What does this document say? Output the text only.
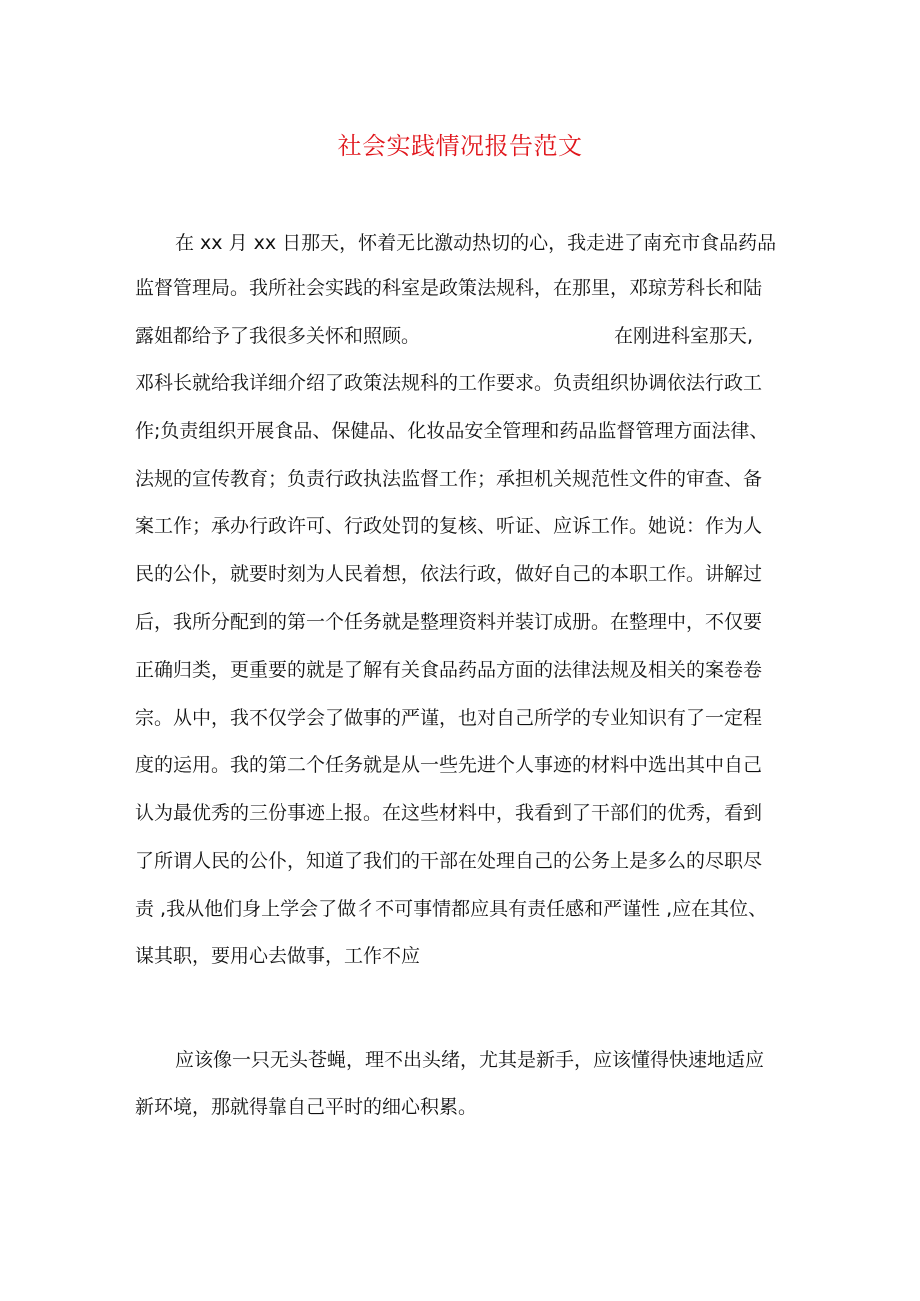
社会实践情况报告范文
在 xx 月 xx 日那天，怀着无比激动热切的心，我走进了南充市食品药品
监督管理局。我所社会实践的科室是政策法规科，在那里，邓琼芳科长和陆
露姐都给予了我很多关怀和照顾。	在刚进科室那天,
邓科长就给我详细介绍了政策法规科的工作要求。负责组织协调依法行政工
作;负责组织开展食品、保健品、化妆品安全管理和药品监督管理方面法律、
法规的宣传教育；负责行政执法监督工作；承担机关规范性文件的审查、备
案工作；承办行政许可、行政处罚的复核、听证、应诉工作。她说：作为人
民的公仆，就要时刻为人民着想，依法行政，做好自己的本职工作。讲解过
后，我所分配到的第一个任务就是整理资料并装订成册。在整理中，不仅要
正确归类，更重要的就是了解有关食品药品方面的法律法规及相关的案卷卷
宗。从中，我不仅学会了做事的严谨，也对自己所学的专业知识有了一定程
度的运用。我的第二个任务就是从一些先进个人事迹的材料中选出其中自己
认为最优秀的三份事迹上报。在这些材料中，我看到了干部们的优秀，看到
了所谓人民的公仆，知道了我们的干部在处理自己的公务上是多么的尽职尽
责 ,我从他们身上学会了做彳不可事情都应具有责任感和严谨性 ,应在其位、
谋其职，要用心去做事，工作不应
应该像一只无头苍蝇，理不出头绪，尤其是新手，应该懂得快速地适应
新环境，那就得靠自己平时的细心积累。
